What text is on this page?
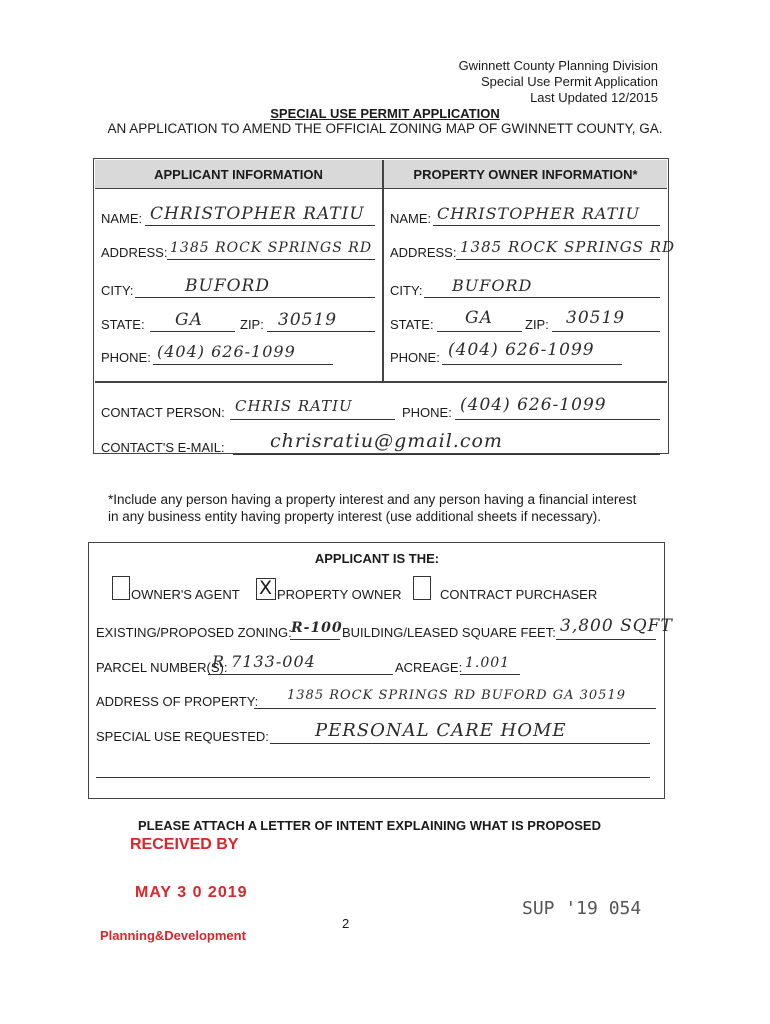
Gwinnett County Planning Division
Special Use Permit Application
Last Updated 12/2015
SPECIAL USE PERMIT APPLICATION
AN APPLICATION TO AMEND THE OFFICIAL ZONING MAP OF GWINNETT COUNTY, GA.
APPLICANT INFORMATION	PROPERTY OWNER INFORMATION*
NAME: CHRISTOPHER RATIU
ADDRESS: 1385 ROCK SPRINGS RD
CITY:	BUFORD
STATE: GA	ZIP: 30519
PHONE: (404) 626-1099
NAME: CHRISTOPHER RATIU
ADDRESS: 1385 ROCK SPRINGS RD
CITY: BUFORD
STATE: GA ZIP: 30519
PHONE: (404) 626-1099
CONTACT PERSON: CHRIS RATIU	PHONE: (404) 626-1099
CONTACT'S E-MAIL: chrisratiu@gmail.com
*Include any person having a property interest and any person having a financial interest
in any business entity having property interest (use additional sheets if necessary).
APPLICANT IS THE:
OWNER'S AGENT X PROPERTY OWNER	CONTRACT PURCHASER
EXISTING/PROPOSED ZONING: R-100 BUILDING/LEASED SQUARE FEET: 3,800 SQFT
PARCEL NUMBER(S):
R 7133-004	ACREAGE: 1.001
ADDRESS OF PROPERTY: 1385 ROCK SPRINGS RD BUFORD GA 30519
SPECIAL USE REQUESTED:	PERSONAL CARE HOME
PLEASE ATTACH A LETTER OF INTENT EXPLAINING WHAT IS PROPOSED
RECEIVED BY
MAY 3 0 2019
Planning&Development
2
SUP '19 054
